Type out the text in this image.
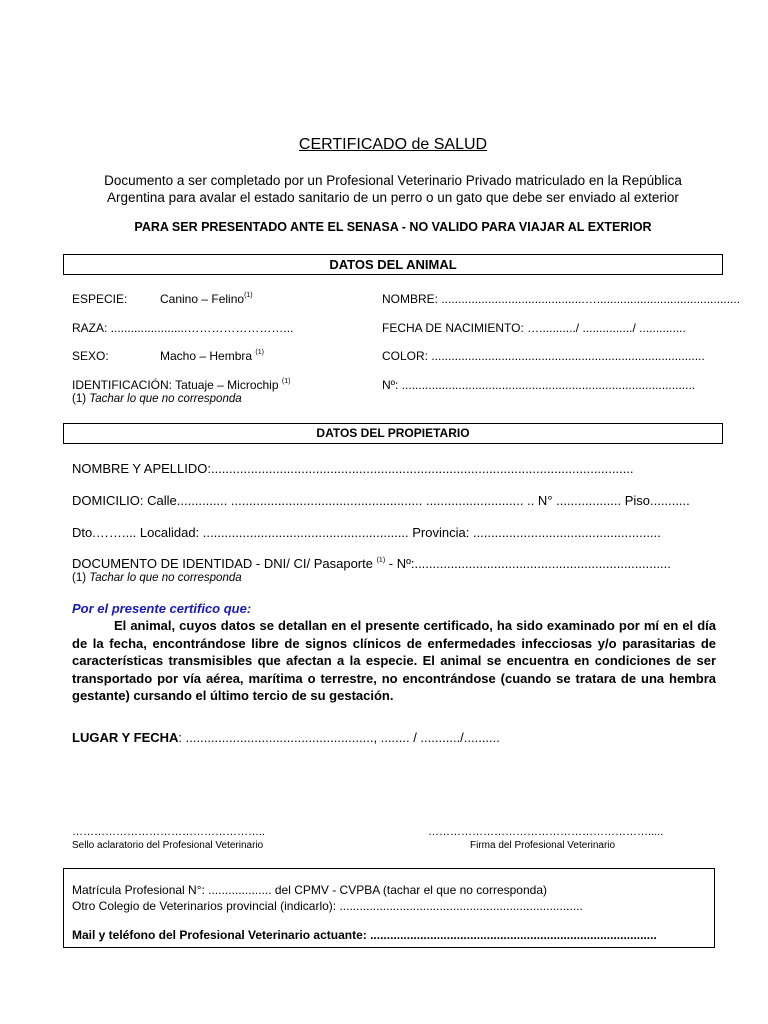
CERTIFICADO de SALUD
Documento a ser completado por un Profesional Veterinario Privado matriculado en la República
Argentina para avalar el estado sanitario de un perro o un gato que debe ser enviado al exterior
PARA SER PRESENTADO ANTE EL SENASA - NO VALIDO PARA VIAJAR AL EXTERIOR
DATOS DEL ANIMAL
ESPECIE:	Canino – Felino$^{(1)}$	NOMBRE: ...........................................…...........................................
RAZA: .......................……………………...	FECHA DE NACIMIENTO: ….........../ .............../ ..............
SEXO:	Macho – Hembra $^{(1)}$	COLOR: ..................................................................................
IDENTIFICACIÓN: Tatuaje – Microchip $^{(1)}$	Nº: ........................................................................................
(1) Tachar lo que no corresponda
DATOS DEL PROPIETARIO
NOMBRE Y APELLIDO:.....................................................................................................................
DOMICILIO: Calle.............. ..................................................... ........................... .. N° .................. Piso...........
Dto.…….... Localidad: ......................................................... Provincia: ....................................................
DOCUMENTO DE IDENTIDAD - DNI/ CI/ Pasaporte $^{(1)}$ - Nº:.......................................................................
(1) Tachar lo que no corresponda
Por el presente certifico que:
El animal, cuyos datos se detallan en el presente certificado, ha sido examinado por mí en el día de la fecha, encontrándose libre de signos clínicos de enfermedades infecciosas y/o parasitarias de características transmisibles que afectan a la especie. El animal se encuentra en condiciones de ser transportado por vía aérea, marítima o terrestre, no encontrándose (cuando se tratara de una hembra gestante) cursando el último tercio de su gestación.
LUGAR Y FECHA: ...................................................., ........ / .........../..........
……………………………………………..	…………………………………………………….....
Sello aclaratorio del Profesional Veterinario	Firma del Profesional Veterinario
Matrícula Profesional N°: ................... del CPMV - CVPBA (tachar el que no corresponda)
Otro Colegio de Veterinarios provincial (indicarlo): .........................................................................
Mail y teléfono del Profesional Veterinario actuante: ......................................................................................
